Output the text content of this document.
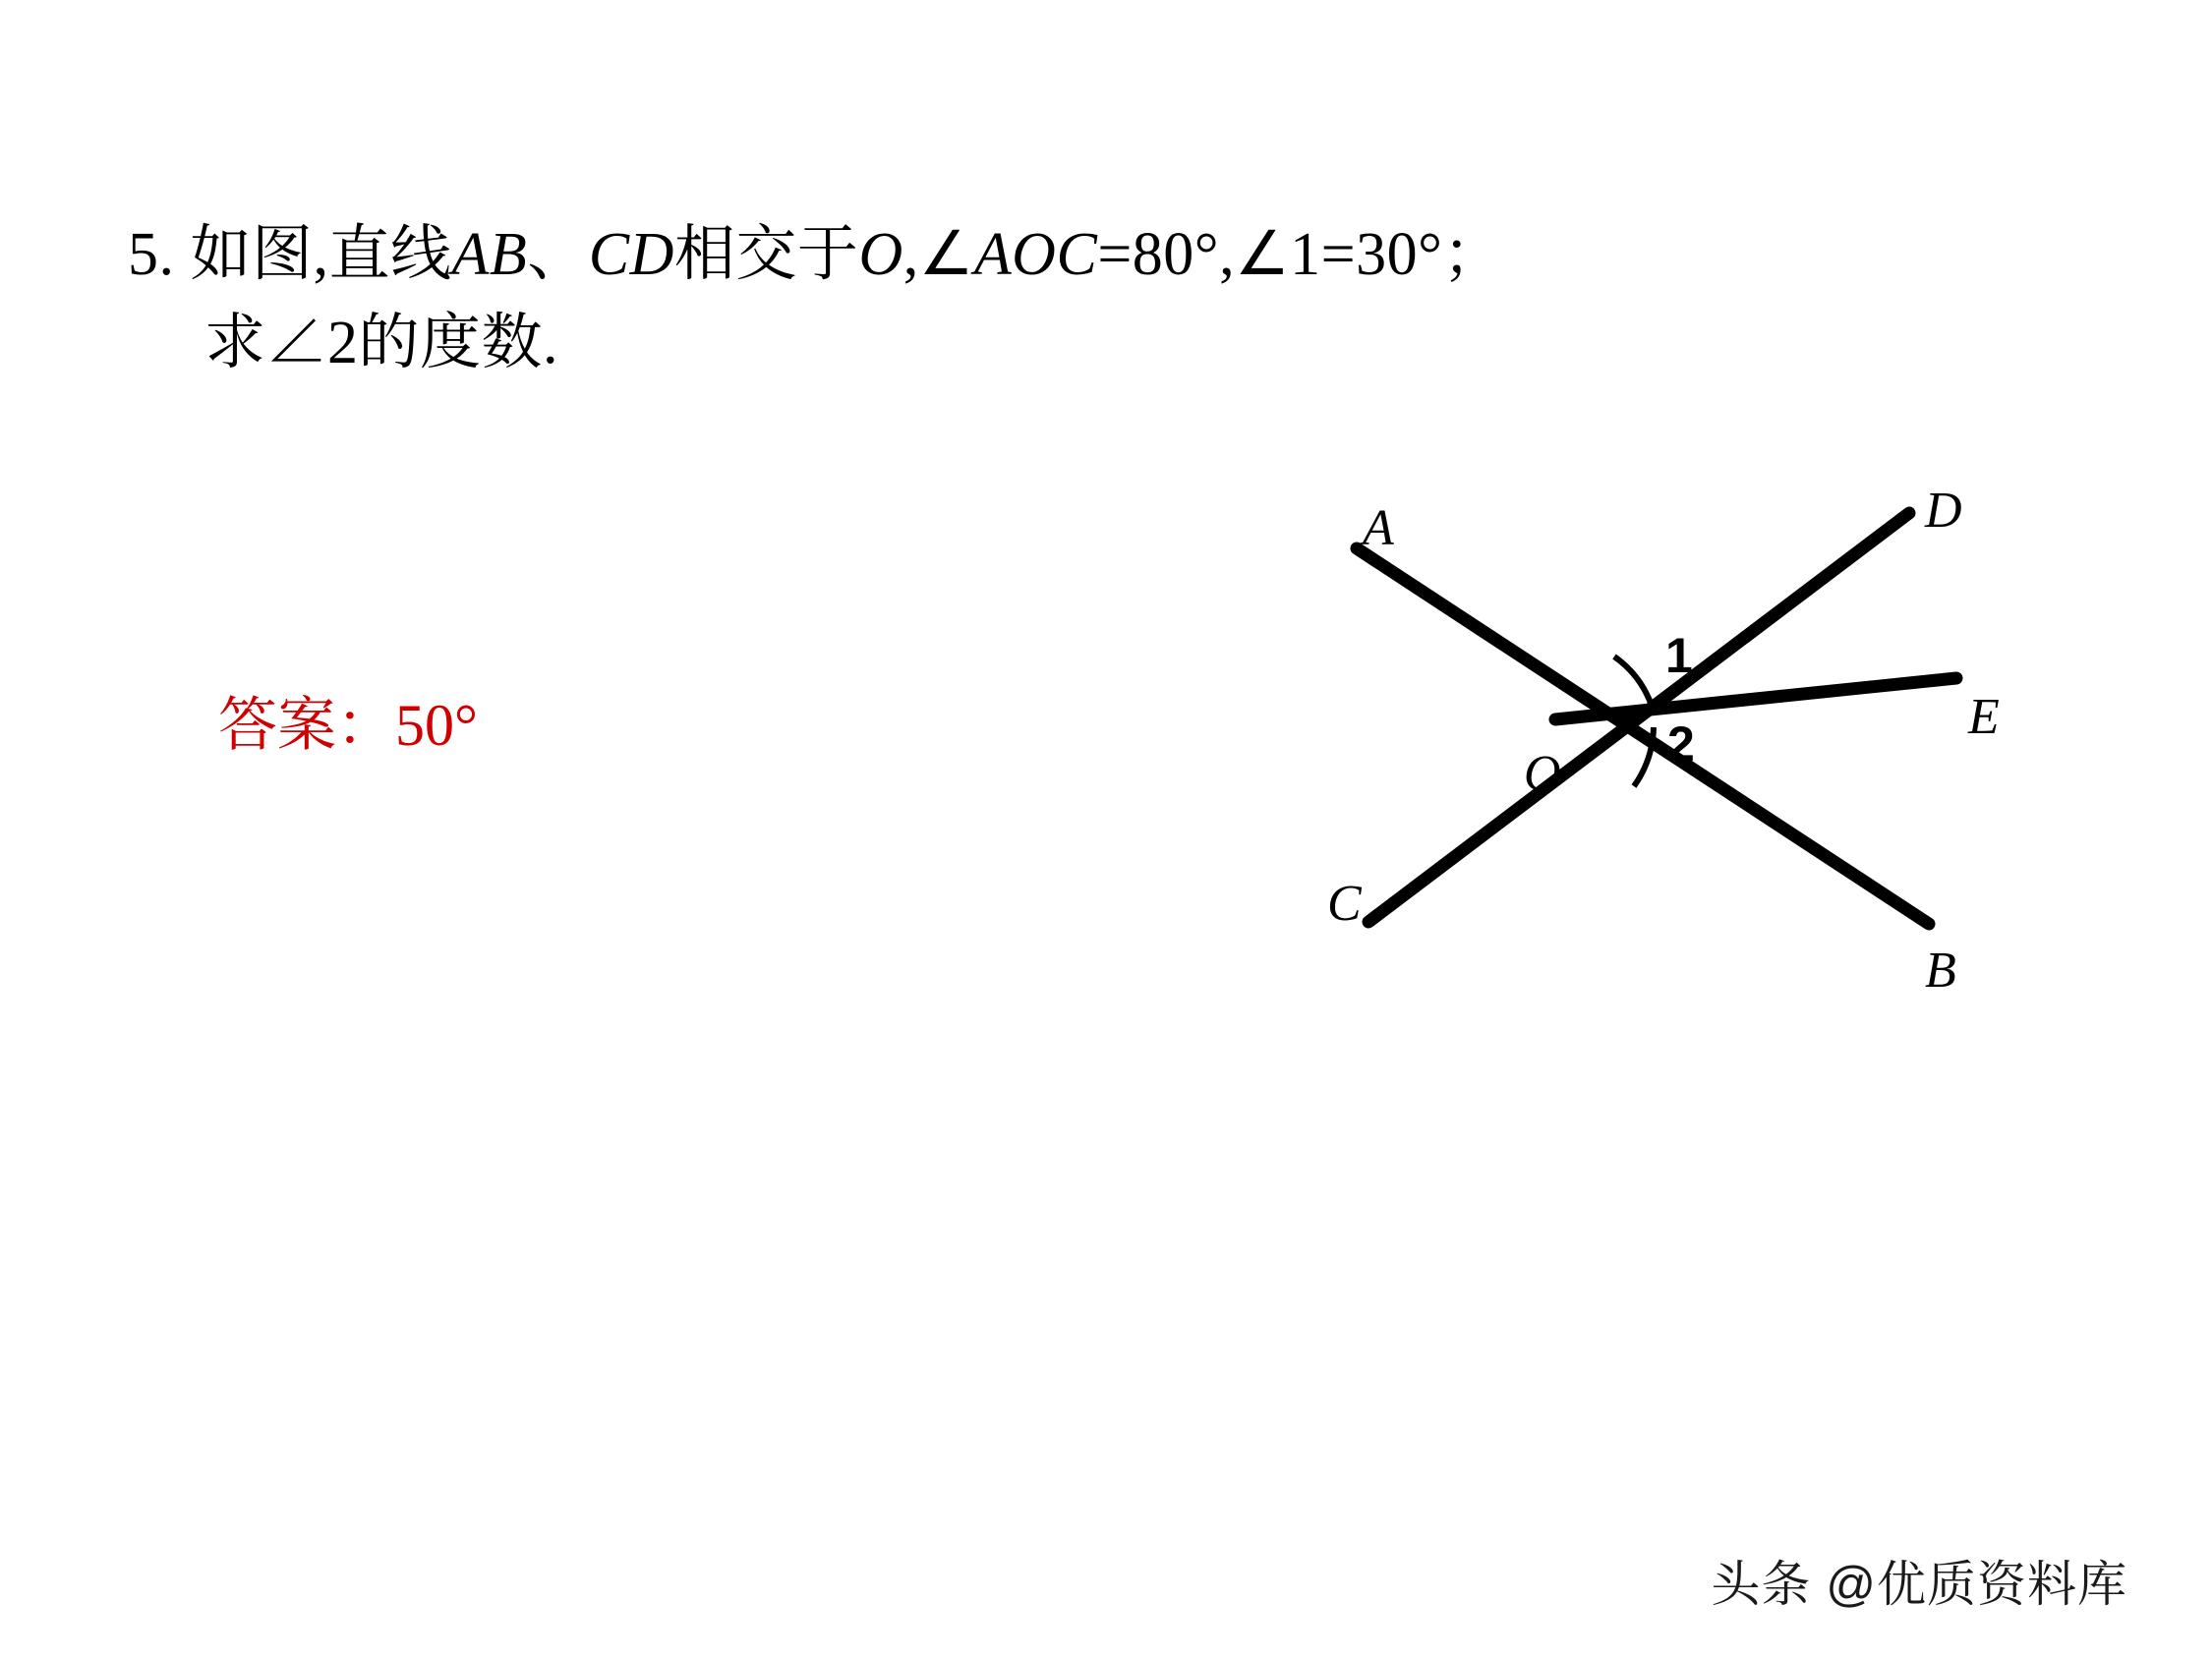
5. 如图,直线AB、CD相交于O,∠AOC=80°,∠1=30°；
求∠2的度数.
答案：50°
A
B
C
D
E
O
1
2
头条 @优质资料库
